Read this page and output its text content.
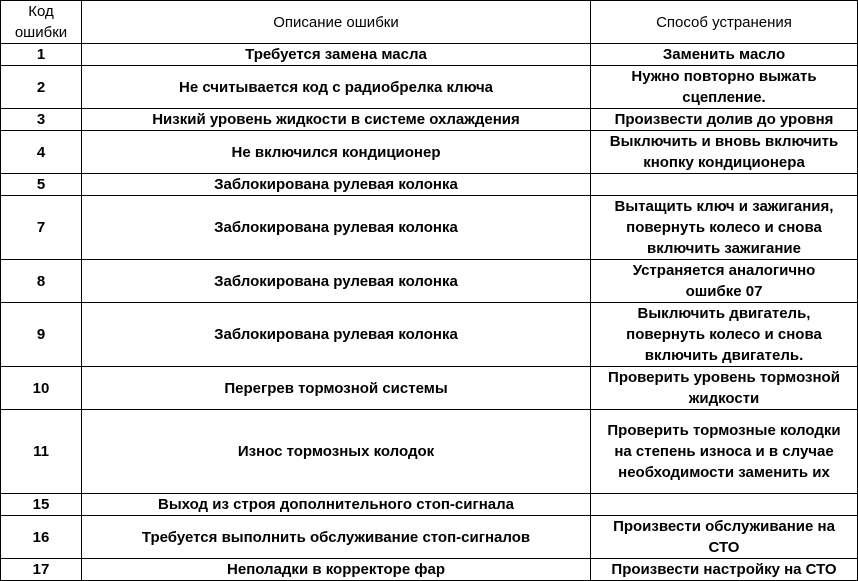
Код
ошибки	Описание ошибки	Способ устранения
1	Требуется замена масла	Заменить масло

2	Не считывается код с радиобрелка ключа	Нужно повторно выжать
сцепление.

3	Низкий уровень жидкости в системе охлаждения	Произвести долив до уровня

4	Не включился кондиционер	Выключить и вновь включить
кнопку кондиционера

5	Заблокирована рулевая колонка	
7	Заблокирована рулевая колонка	Вытащить ключ и зажигания,
повернуть колесо и снова
включить зажигание

8	Заблокирована рулевая колонка	Устраняется аналогично
ошибке 07

9	Заблокирована рулевая колонка	Выключить двигатель,
повернуть колесо и снова
включить двигатель.

10	Перегрев тормозной системы	Проверить уровень тормозной
жидкости

11	Износ тормозных колодок	Проверить тормозные колодки
на степень износа и в случае
необходимости заменить их

15	Выход из строя дополнительного стоп-сигнала	
16	Требуется выполнить обслуживание стоп-сигналов	Произвести обслуживание на
СТО

17	Неполадки в корректоре фар	Произвести настройку на СТО
